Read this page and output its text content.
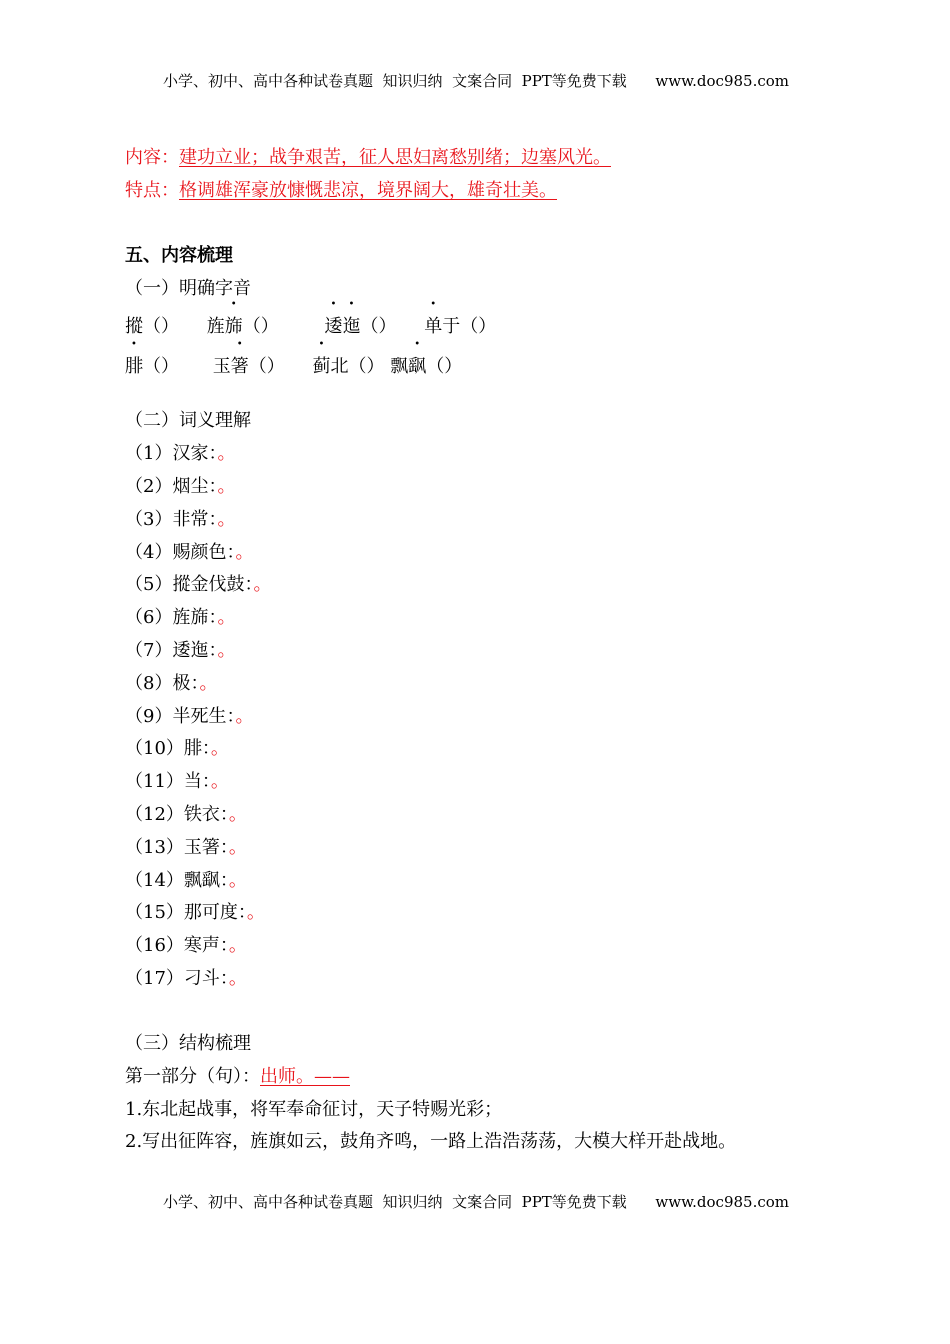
小学、初中、高中各种试卷真题  知识归纳  文案合同  PPT等免费下载      www.doc985.com
内容：建功立业；战争艰苦，征人思妇离愁别绪；边塞风光。
特点：格调雄浑豪放慷慨悲凉，境界阔大，雄奇壮美。
五、内容梳理
（一）明确字音
摐（） 旌旆（）	逶迤（） 单于（）
腓（） 玉箸（） 蓟北（） 飘飖（）
（二）词义理解
（1）汉家：。
（2）烟尘：。
（3）非常：。
（4）赐颜色：。
（5）摐金伐鼓：。
（6）旌旆：。
（7）逶迤：。
（8）极：。
（9）半死生：。
（10）腓：。
（11）当：。
（12）铁衣：。
（13）玉箸：。
（14）飘飖：。
（15）那可度：。
（16）寒声：。
（17）刁斗：。
（三）结构梳理
第一部分（句）：出师。——
1.东北起战事，将军奉命征讨，天子特赐光彩；
2.写出征阵容，旌旗如云，鼓角齐鸣，一路上浩浩荡荡，大模大样开赴战地。
小学、初中、高中各种试卷真题  知识归纳  文案合同  PPT等免费下载      www.doc985.com
